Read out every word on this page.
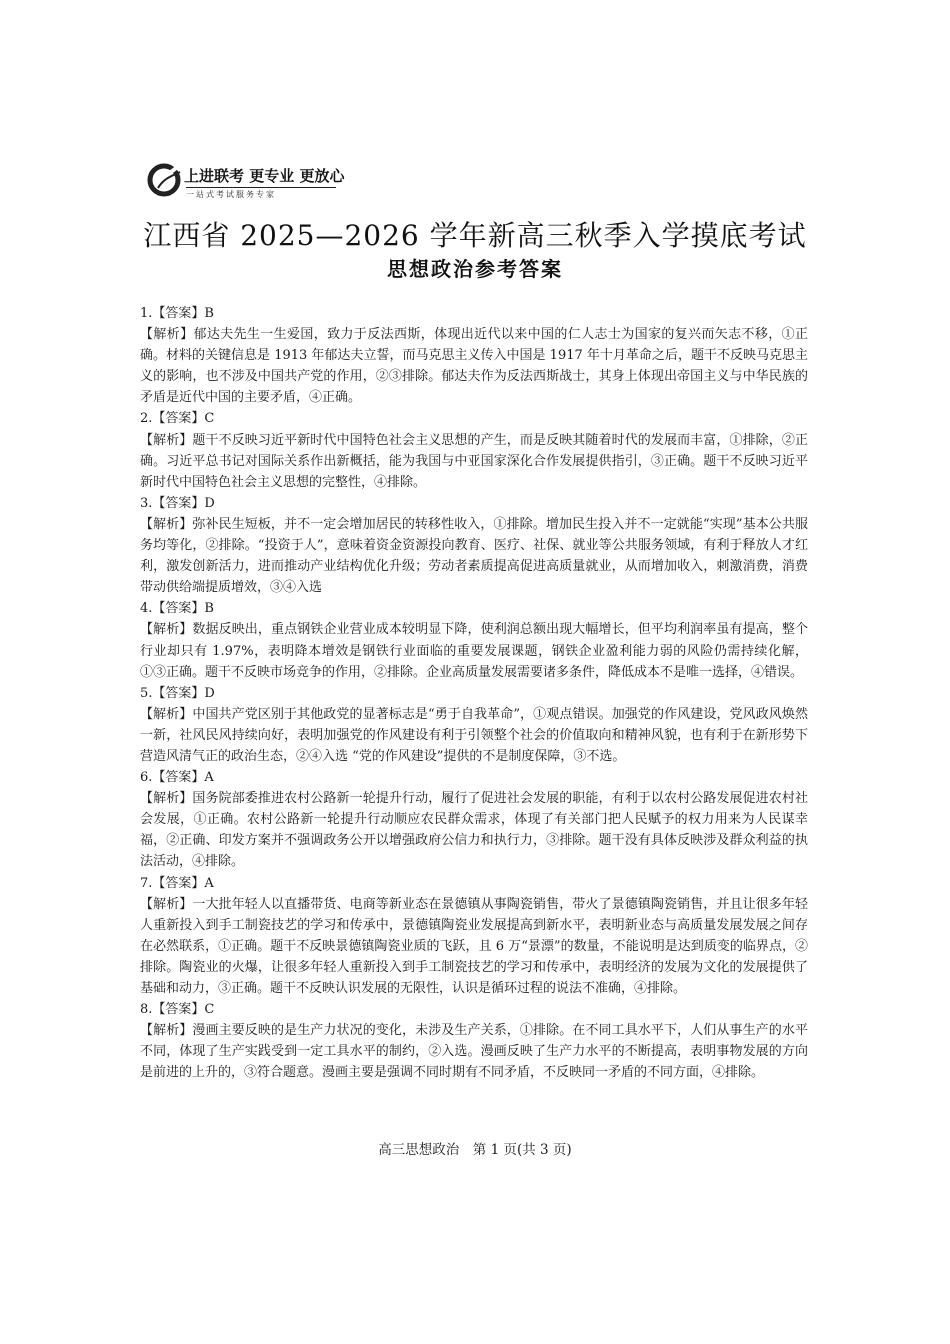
上进联考 更专业 更放心
一站式考试服务专家
江西省 2025—2026 学年新高三秋季入学摸底考试
思想政治参考答案
1.【答案】B
【解析】郁达夫先生一生爱国，致力于反法西斯，体现出近代以来中国的仁人志士为国家的复兴而矢志不移，①正确。材料的关键信息是 1913 年郁达夫立誓，而马克思主义传入中国是 1917 年十月革命之后，题干不反映马克思主义的影响，也不涉及中国共产党的作用，②③排除。郁达夫作为反法西斯战士，其身上体现出帝国主义与中华民族的矛盾是近代中国的主要矛盾，④正确。
2.【答案】C
【解析】题干不反映习近平新时代中国特色社会主义思想的产生，而是反映其随着时代的发展而丰富，①排除，②正确。习近平总书记对国际关系作出新概括，能为我国与中亚国家深化合作发展提供指引，③正确。题干不反映习近平新时代中国特色社会主义思想的完整性，④排除。
3.【答案】D
【解析】弥补民生短板，并不一定会增加居民的转移性收入，①排除。增加民生投入并不一定就能“实现”基本公共服务均等化，②排除。“投资于人”，意味着资金资源投向教育、医疗、社保、就业等公共服务领域，有利于释放人才红利，激发创新活力，进而推动产业结构优化升级；劳动者素质提高促进高质量就业，从而增加收入，刺激消费，消费带动供给端提质增效，③④入选
4.【答案】B
【解析】数据反映出，重点钢铁企业营业成本较明显下降，使利润总额出现大幅增长，但平均利润率虽有提高，整个行业却只有 1.97%，表明降本增效是钢铁行业面临的重要发展课题，钢铁企业盈利能力弱的风险仍需持续化解，①③正确。题干不反映市场竞争的作用，②排除。企业高质量发展需要诸多条件，降低成本不是唯一选择，④错误。
5.【答案】D
【解析】中国共产党区别于其他政党的显著标志是“勇于自我革命”，①观点错误。加强党的作风建设，党风政风焕然一新，社风民风持续向好，表明加强党的作风建设有利于引领整个社会的价值取向和精神风貌，也有利于在新形势下营造风清气正的政治生态，②④入选 “党的作风建设”提供的不是制度保障，③不选。
6.【答案】A
【解析】国务院部委推进农村公路新一轮提升行动，履行了促进社会发展的职能，有利于以农村公路发展促进农村社会发展，①正确。农村公路新一轮提升行动顺应农民群众需求，体现了有关部门把人民赋予的权力用来为人民谋幸福，②正确、印发方案并不强调政务公开以增强政府公信力和执行力，③排除。题干没有具体反映涉及群众利益的执法活动，④排除。
7.【答案】A
【解析】一大批年轻人以直播带货、电商等新业态在景德镇从事陶瓷销售，带火了景德镇陶瓷销售，并且让很多年轻人重新投入到手工制瓷技艺的学习和传承中，景德镇陶瓷业发展提高到新水平，表明新业态与高质量发展发展之间存在必然联系，①正确。题干不反映景德镇陶瓷业质的飞跃，且 6 万“景漂”的数量，不能说明是达到质变的临界点，②排除。陶瓷业的火爆，让很多年轻人重新投入到手工制瓷技艺的学习和传承中，表明经济的发展为文化的发展提供了基础和动力，③正确。题干不反映认识发展的无限性，认识是循环过程的说法不准确，④排除。
8.【答案】C
【解析】漫画主要反映的是生产力状况的变化，未涉及生产关系，①排除。在不同工具水平下，人们从事生产的水平不同，体现了生产实践受到一定工具水平的制约，②入选。漫画反映了生产力水平的不断提高，表明事物发展的方向是前进的上升的，③符合题意。漫画主要是强调不同时期有不同矛盾，不反映同一矛盾的不同方面，④排除。
高三思想政治　第 1 页(共 3 页)
